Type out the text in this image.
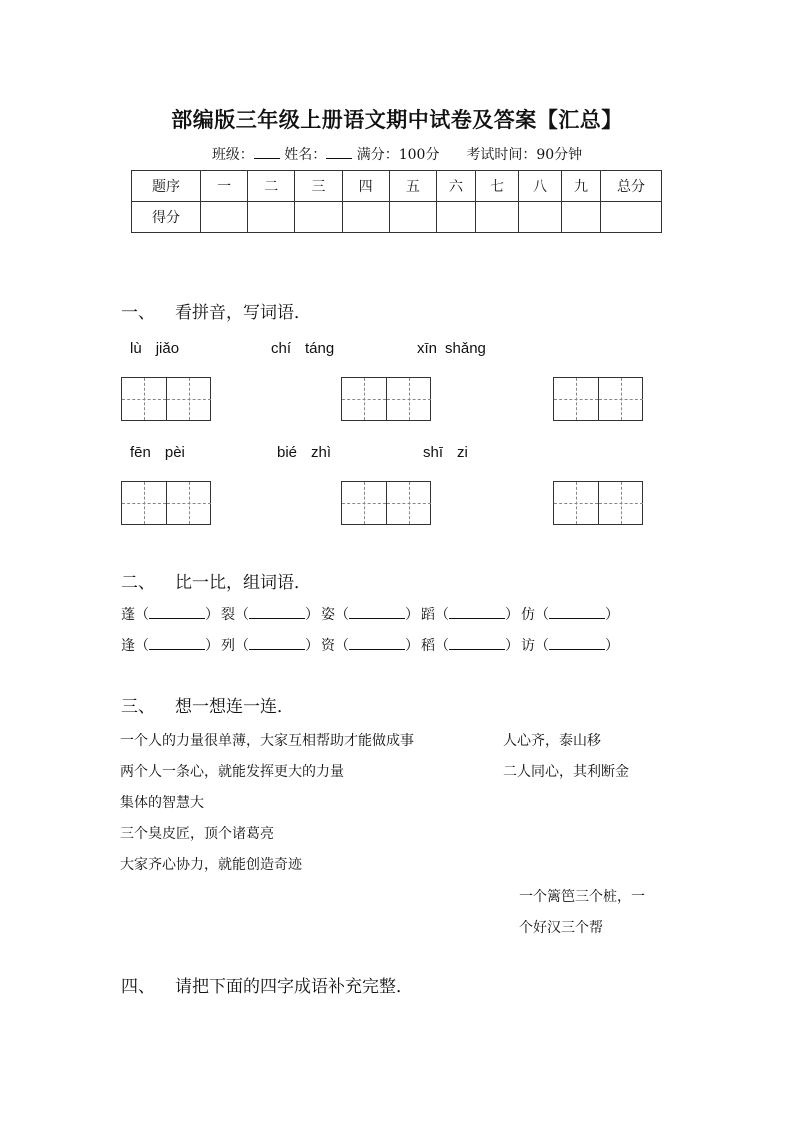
部编版三年级上册语文期中试卷及答案【汇总】
班级： 姓名： 满分：100分 考试时间：90分钟
题序	一	二	三	四	五	六	七	八	九	总分
得分										
一、 看拼音，写词语．
lù jiǎo	chí táng	xīn shǎng
fēn pèi	bié zhì	shī zi
二、 比一比，组词语．
蓬（	） 裂（	） 姿（	） 蹈（	） 仿（	）
逢（	） 列（	） 资（	） 稻（	） 访（	）
三、 想一想连一连．
一个人的力量很单薄，大家互相帮助才能做成事
两个人一条心，就能发挥更大的力量
集体的智慧大
三个臭皮匠，顶个诸葛亮
大家齐心协力，就能创造奇迹
人心齐，泰山移
二人同心，其利断金
一个篱笆三个桩，一
个好汉三个帮
四、 请把下面的四字成语补充完整．
